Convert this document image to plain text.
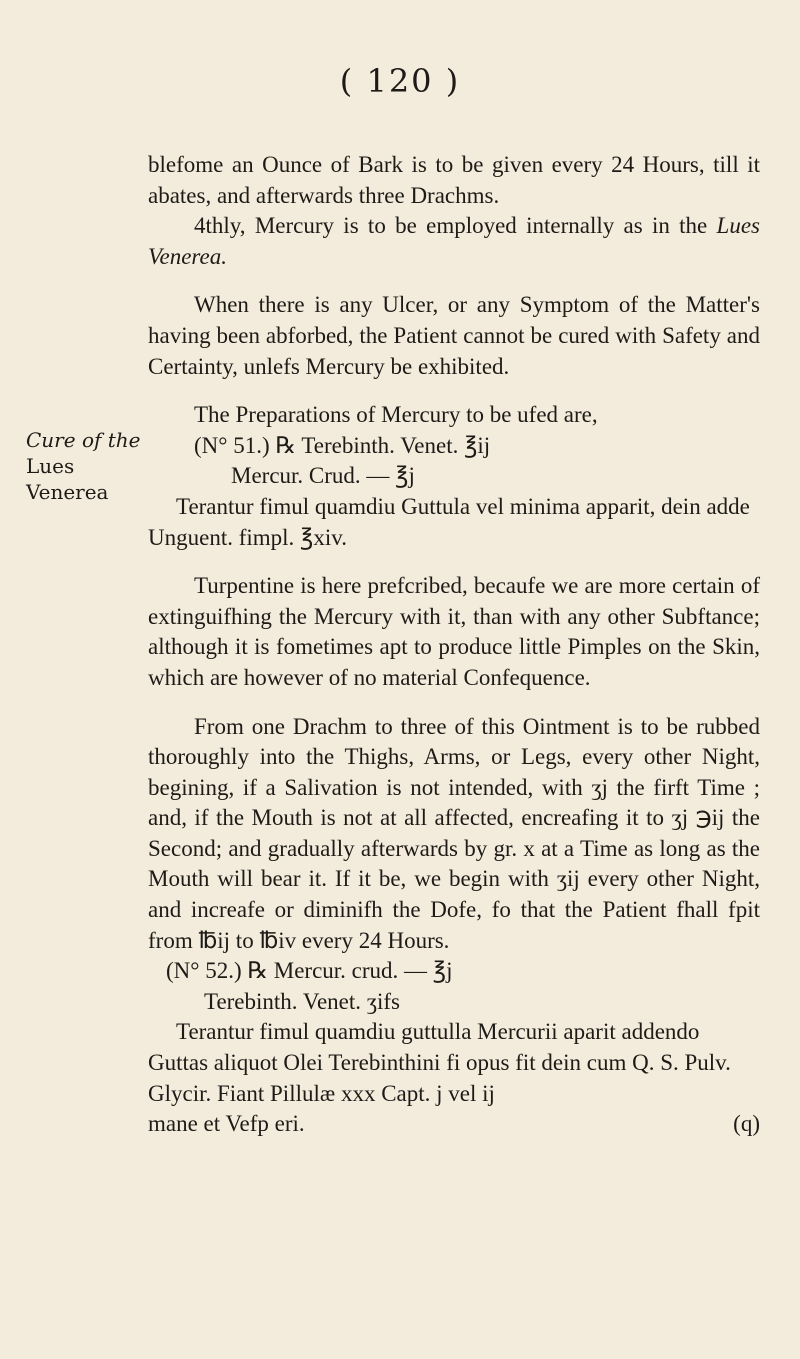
( 120 )
Cure of the
Lues Venerea

blefome an Ounce of Bark is to be given every 24 Hours, till it abates, and afterwards three Drachms.

4thly, Mercury is to be employed internally as in the Lues Venerea.

When there is any Ulcer, or any Symptom of the Matter's having been abforbed, the Patient cannot be cured with Safety and Certainty, unlefs Mercury be exhibited.

The Preparations of Mercury to be ufed are,

(N° 51.) ℞ Terebinth. Venet. ℥ij
Mercur. Crud. — ℥j
Terantur fimul quamdiu Guttula vel minima apparit, dein adde Unguent. fimpl. ℥xiv.

Turpentine is here prefcribed, becaufe we are more certain of extinguifhing the Mercury with it, than with any other Subftance; although it is fometimes apt to produce little Pimples on the Skin, which are however of no material Confequence.

From one Drachm to three of this Ointment is to be rubbed thoroughly into the Thighs, Arms, or Legs, every other Night, begining, if a Salivation is not intended, with ʒj the firft Time ; and, if the Mouth is not at all affected, encreafing it to ʒj ℈ij the Second; and gradually afterwards by gr. x at a Time as long as the Mouth will bear it. If it be, we begin with ʒij every other Night, and increafe or diminifh the Dofe, fo that the Patient fhall fpit from ℔ij to ℔iv every 24 Hours.

(N° 52.) ℞ Mercur. crud. — ℥j
Terebinth. Venet. ʒifs
Terantur fimul quamdiu guttulla Mercurii aparit addendo Guttas aliquot Olei Terebinthini fi opus fit dein cum Q. S. Pulv. Glycir. Fiant Pillulæ xxx Capt. j vel ij
mane et Vefp eri.	(q)
